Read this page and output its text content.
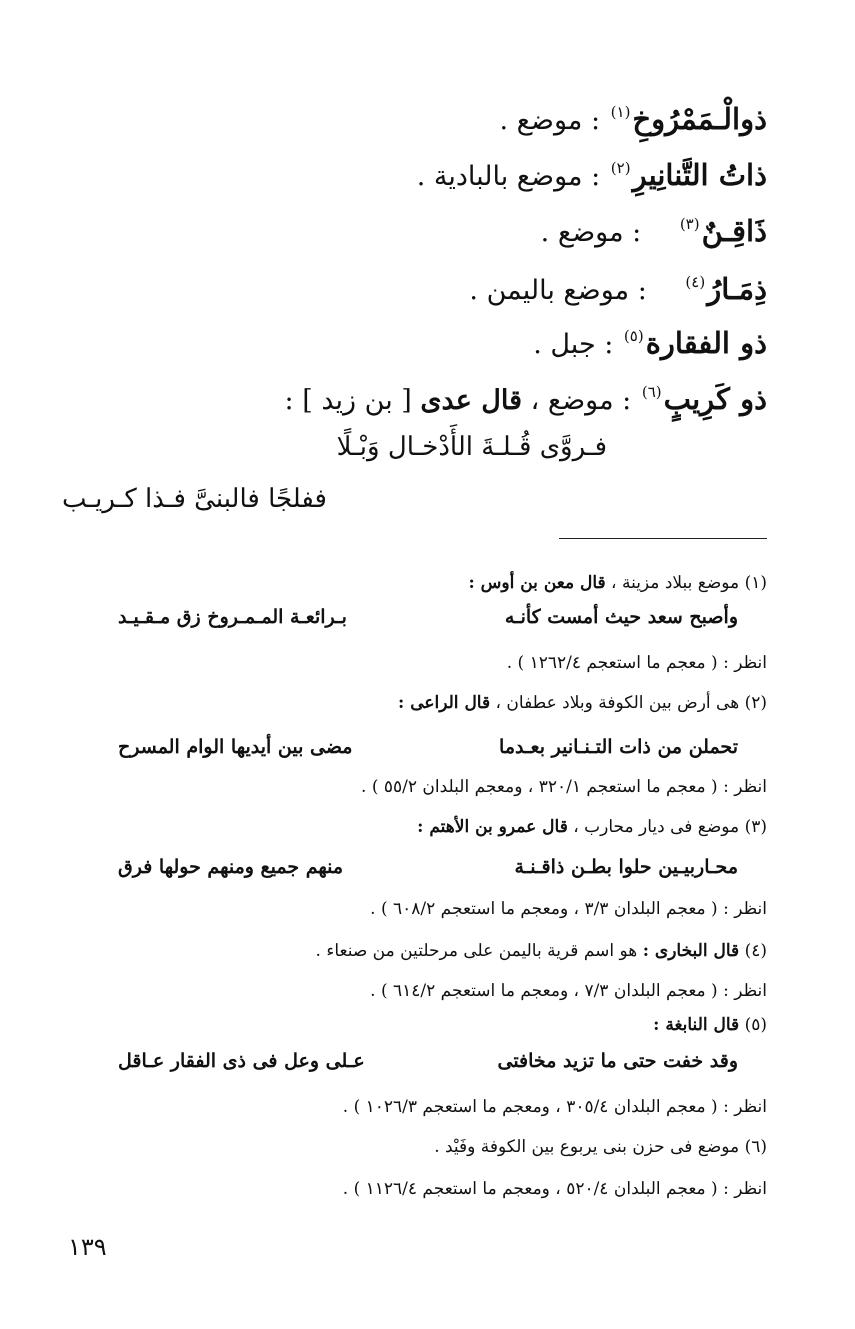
ذوالْـمَمْرُوخِ$^{(١)}$ : موضع .
ذاتُ التَّنانِيرِ$^{(٢)}$ : موضع بالبادية .
ذَاقِـنٌ$^{(٣)}$ : موضع .
ذِمَـارُ$^{(٤)}$ : موضع باليمن .
ذو الفقارة$^{(٥)}$ : جبل .
ذو كَرِيبٍ$^{(٦)}$ : موضع ، قال عدى [ بن زيد ] :
فـروَّى قُـلـةَ الأَدْخـال وَبْـلًا
ففلجًا فالبنىَّ فـذا كـريـب
(١) موضع ببلاد مزينة ، قال معن بن أوس :
وأصبح سعد حيث أمست كأنـه
بـرائعـة المـمـروخ زق مـقـيـد
انظر : ( معجم ما استعجم ١٢٦٢/٤ ) .
(٢) هى أرض بين الكوفة وبلاد عطفان ، قال الراعى :
تحملن من ذات التـنـانير بعـدما
مضى بين أيديها الوام المسرح
انظر : ( معجم ما استعجم ٣٢٠/١ ، ومعجم البلدان ٥٥/٢ ) .
(٣) موضع فى ديار محارب ، قال عمرو بن الأهتم :
محـاربيـين حلوا بطـن ذاقـنـة
منهم جميع ومنهم حولها فرق
انظر : ( معجم البلدان ٣/٣ ، ومعجم ما استعجم ٦٠٨/٢ ) .
(٤) قال البخارى : هو اسم قرية باليمن على مرحلتين من صنعاء .
انظر : ( معجم البلدان ٧/٣ ، ومعجم ما استعجم ٦١٤/٢ ) .
(٥) قال النابغة :
وقد خفت حتى ما تزيد مخافتى
عـلى وعل فى ذى الفقار عـاقل
انظر : ( معجم البلدان ٣٠٥/٤ ، ومعجم ما استعجم ١٠٢٦/٣ ) .
(٦) موضع فى حزن بنى يربوع بين الكوفة وفَيْد .
انظر : ( معجم البلدان ٥٢٠/٤ ، ومعجم ما استعجم ١١٢٦/٤ ) .
١٣٩
